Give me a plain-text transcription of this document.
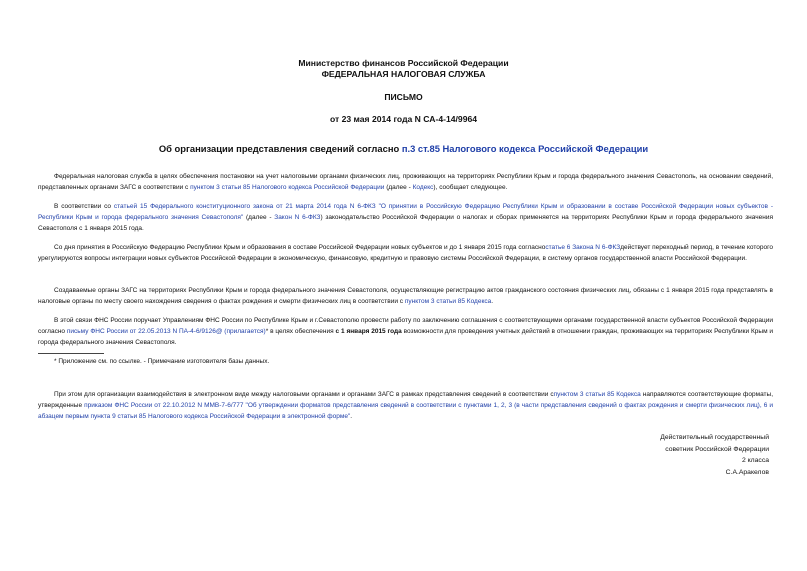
Министерство финансов Российской Федерации
ФЕДЕРАЛЬНАЯ НАЛОГОВАЯ СЛУЖБА
ПИСЬМО
от 23 мая 2014 года N СА-4-14/9964
Об организации представления сведений согласно п.3 ст.85 Налогового кодекса Российской Федерации

Федеральная налоговая служба в целях обеспечения постановки на учет налоговыми органами физических лиц, проживающих на территориях Республики Крым и города федерального значения Севастополь, на основании сведений, представленных органами ЗАГС в соответствии с пунктом 3 статьи 85 Налогового кодекса Российской Федерации (далее - Кодекс), сообщает следующее.

В соответствии со статьей 15 Федерального конституционного закона от 21 марта 2014 года N 6-ФКЗ "О принятии в Российскую Федерацию Республики Крым и образовании в составе Российской Федерации новых субъектов - Республики Крым и города федерального значения Севастополя" (далее - Закон N 6-ФКЗ) законодательство Российской Федерации о налогах и сборах применяется на территориях Республики Крым и города федерального значения Севастополя с 1 января 2015 года.

Со дня принятия в Российскую Федерацию Республики Крым и образования в составе Российской Федерации новых субъектов и до 1 января 2015 года согласностатье 6 Закона N 6-ФКЗдействует переходный период, в течение которого урегулируются вопросы интеграции новых субъектов Российской Федерации в экономическую, финансовую, кредитную и правовую системы Российской Федерации, в систему органов государственной власти Российской Федерации.

Создаваемые органы ЗАГС на территориях Республики Крым и города федерального значения Севастополя, осуществляющие регистрацию актов гражданского состояния физических лиц, обязаны с 1 января 2015 года представлять в налоговые органы по месту своего нахождения сведения о фактах рождения и смерти физических лиц в соответствии с пунктом 3 статьи 85 Кодекса.

В этой связи ФНС России поручает Управлениям ФНС России по Республике Крым и г.Севастополю провести работу по заключению соглашения с соответствующими органами государственной власти субъектов Российской Федерации согласно письму ФНС России от 22.05.2013 N ПА-4-6/9126@ (прилагается)* в целях обеспечения с 1 января 2015 года возможности для проведения учетных действий в отношении граждан, проживающих на территориях Республики Крым и города федерального значения Севастополя.

* Приложение см. по ссылке. - Примечание изготовителя базы данных.

При этом для организации взаимодействия в электронном виде между налоговыми органами и органами ЗАГС в рамках представления сведений в соответствии спунктом 3 статьи 85 Кодекса направляются соответствующие форматы, утвержденные приказом ФНС России от 22.10.2012 N ММВ-7-6/777 "Об утверждении форматов представления сведений в соответствии с пунктами 1, 2, 3 (в части представления сведений о фактах рождения и смерти физических лиц), 6 и абзацем первым пункта 9 статьи 85 Налогового кодекса Российской Федерации в электронной форме".

Действительный государственный
советник Российской Федерации
2 класса
С.А.Аракелов
